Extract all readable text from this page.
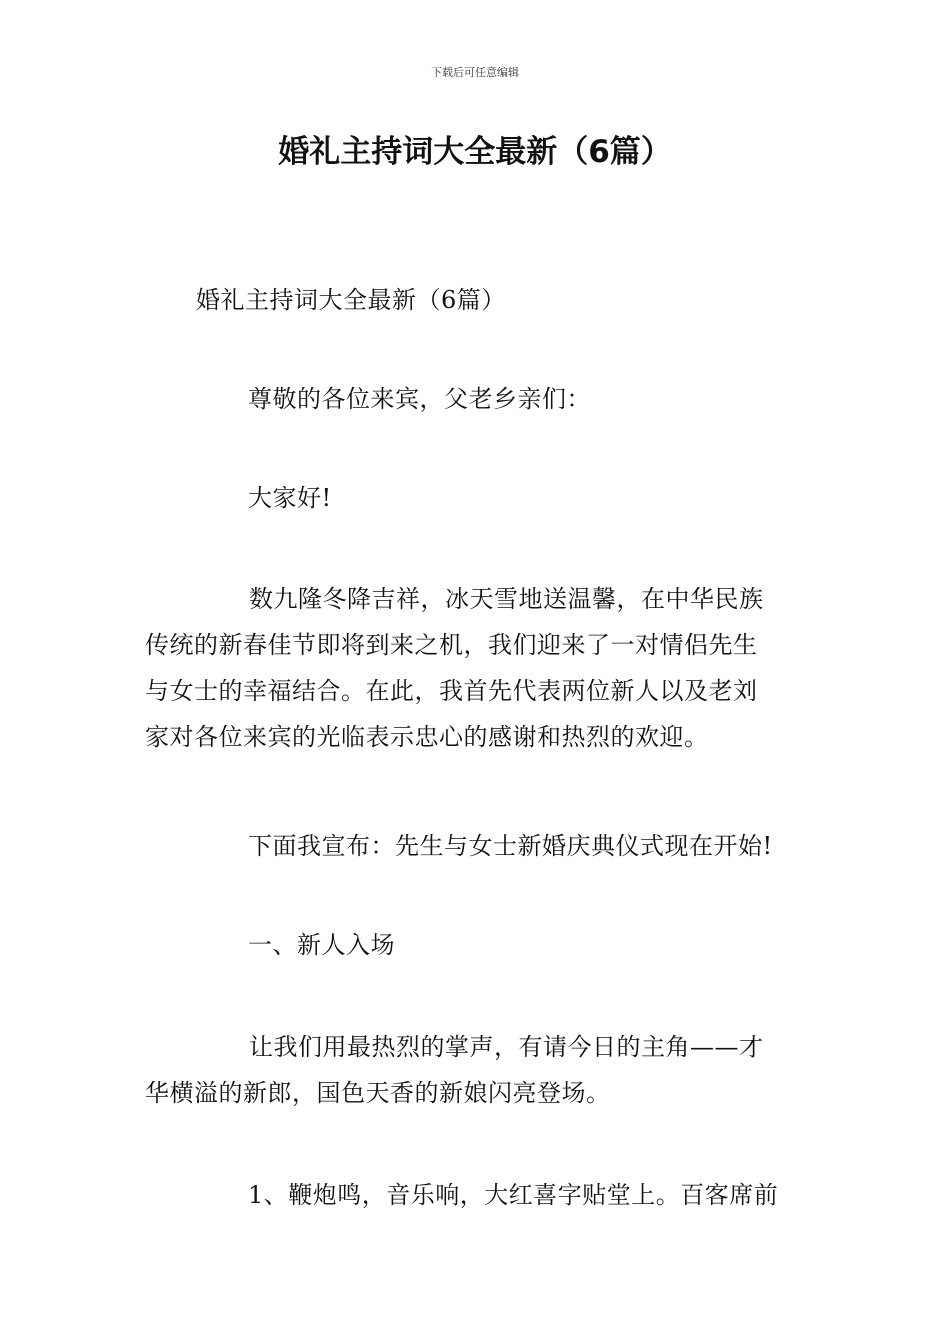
下载后可任意编辑
婚礼主持词大全最新（6篇）

婚礼主持词大全最新（6篇）

尊敬的各位来宾，父老乡亲们：

大家好!

数九隆冬降吉祥，冰天雪地送温馨，在中华民族
传统的新春佳节即将到来之机，我们迎来了一对情侣先生
与女士的幸福结合。在此，我首先代表两位新人以及老刘
家对各位来宾的光临表示忠心的感谢和热烈的欢迎。

下面我宣布：先生与女士新婚庆典仪式现在开始!

一、新人入场

让我们用最热烈的掌声，有请今日的主角——才
华横溢的新郎，国色天香的新娘闪亮登场。

1、鞭炮鸣，音乐响，大红喜字贴堂上。百客席前
